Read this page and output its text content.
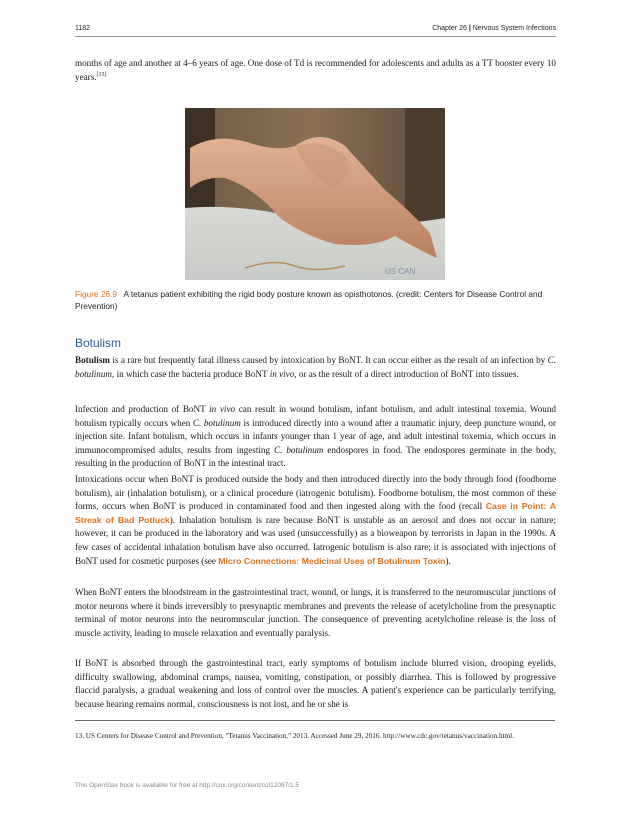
1182	Chapter 26 | Nervous System Infections

months of age and another at 4–6 years of age. One dose of Td is recommended for adolescents and adults as a TT booster every 10 years.[13]

US CAN

Figure 26.9 A tetanus patient exhibiting the rigid body posture known as opisthotonos. (credit: Centers for Disease Control and Prevention)

Botulism

Botulism is a rare but frequently fatal illness caused by intoxication by BoNT. It can occur either as the result of an infection by C. botulinum, in which case the bacteria produce BoNT in vivo, or as the result of a direct introduction of BoNT into tissues.

Infection and production of BoNT in vivo can result in wound botulism, infant botulism, and adult intestinal toxemia. Wound botulism typically occurs when C. botulinum is introduced directly into a wound after a traumatic injury, deep puncture wound, or injection site. Infant botulism, which occurs in infants younger than 1 year of age, and adult intestinal toxemia, which occurs in immunocompromised adults, results from ingesting C. botulinum endospores in food. The endospores germinate in the body, resulting in the production of BoNT in the intestinal tract.

Intoxications occur when BoNT is produced outside the body and then introduced directly into the body through food (foodborne botulism), air (inhalation botulism), or a clinical procedure (iatrogenic botulism). Foodborne botulism, the most common of these forms, occurs when BoNT is produced in contaminated food and then ingested along with the food (recall Case in Point: A Streak of Bad Potluck). Inhalation botulism is rare because BoNT is unstable as an aerosol and does not occur in nature; however, it can be produced in the laboratory and was used (unsuccessfully) as a bioweapon by terrorists in Japan in the 1990s. A few cases of accidental inhalation botulism have also occurred. Iatrogenic botulism is also rare; it is associated with injections of BoNT used for cosmetic purposes (see Micro Connections: Medicinal Uses of Botulinum Toxin).

When BoNT enters the bloodstream in the gastrointestinal tract, wound, or lungs, it is transferred to the neuromuscular junctions of motor neurons where it binds irreversibly to presynaptic membranes and prevents the release of acetylcholine from the presynaptic terminal of motor neurons into the neuromuscular junction. The consequence of preventing acetylcholine release is the loss of muscle activity, leading to muscle relaxation and eventually paralysis.

If BoNT is absorbed through the gastrointestinal tract, early symptoms of botulism include blurred vision, drooping eyelids, difficulty swallowing, abdominal cramps, nausea, vomiting, constipation, or possibly diarrhea. This is followed by progressive flaccid paralysis, a gradual weakening and loss of control over the muscles. A patient's experience can be particularly terrifying, because hearing remains normal, consciousness is not lost, and he or she is

13. US Centers for Disease Control and Prevention, "Tetanus Vaccination," 2013. Accessed June 29, 2016. http://www.cdc.gov/tetanus/vaccination.html.

This OpenStax book is available for free at http://cnx.org/content/col12087/1.5
